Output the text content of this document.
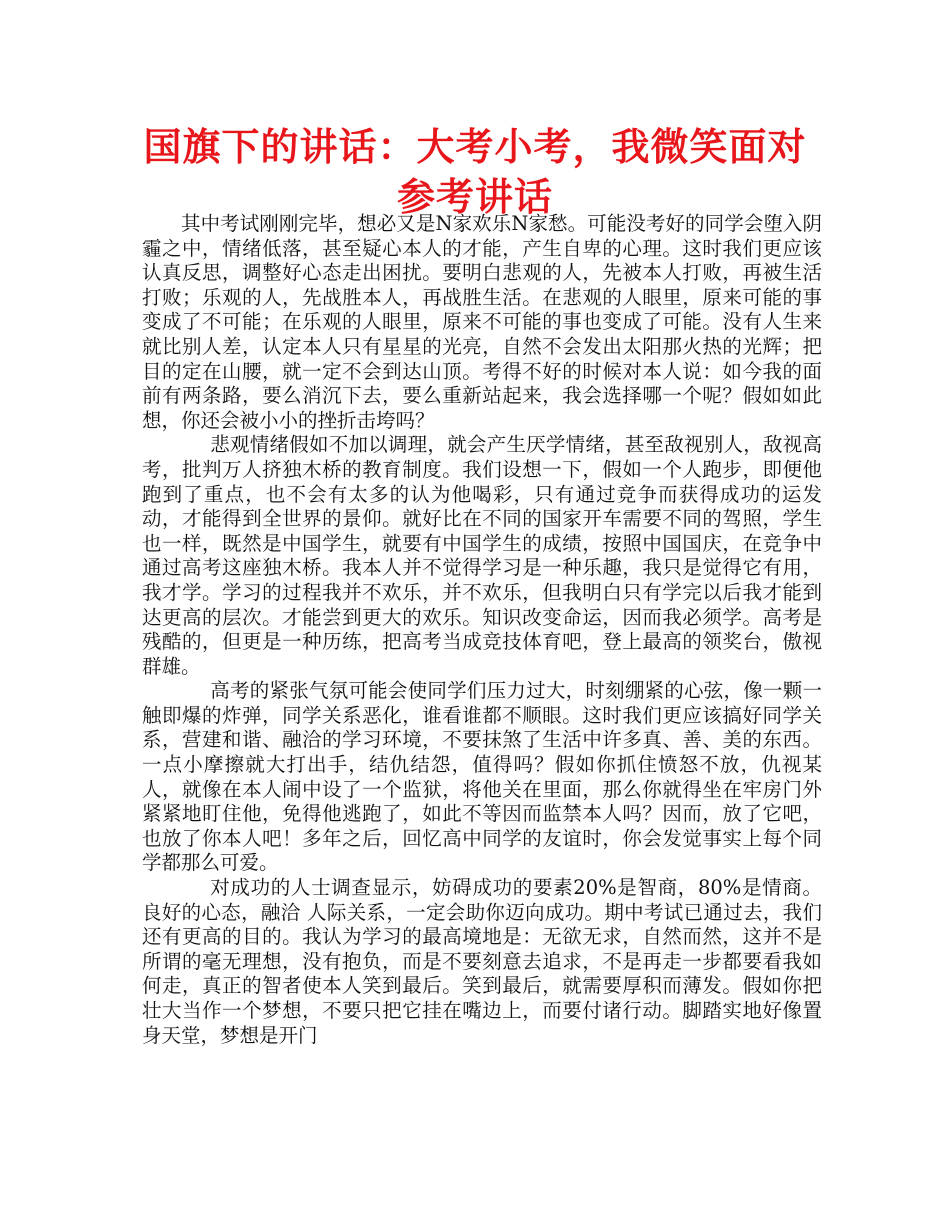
国旗下的讲话：大考小考，我微笑面对参考讲话

其中考试刚刚完毕，想必又是N家欢乐N家愁。可能没考好的同学会堕入阴霾之中，情绪低落，甚至疑心本人的才能，产生自卑的心理。这时我们更应该认真反思，调整好心态走出困扰。要明白悲观的人，先被本人打败，再被生活打败；乐观的人，先战胜本人，再战胜生活。在悲观的人眼里，原来可能的事变成了不可能；在乐观的人眼里，原来不可能的事也变成了可能。没有人生来就比别人差，认定本人只有星星的光亮，自然不会发出太阳那火热的光辉；把目的定在山腰，就一定不会到达山顶。考得不好的时候对本人说：如今我的面前有两条路，要么消沉下去，要么重新站起来，我会选择哪一个呢？假如如此想，你还会被小小的挫折击垮吗？

悲观情绪假如不加以调理，就会产生厌学情绪，甚至敌视别人，敌视高考，批判万人挤独木桥的教育制度。我们设想一下，假如一个人跑步，即便他跑到了重点，也不会有太多的认为他喝彩，只有通过竞争而获得成功的运发动，才能得到全世界的景仰。就好比在不同的国家开车需要不同的驾照，学生也一样，既然是中国学生，就要有中国学生的成绩，按照中国国庆，在竞争中通过高考这座独木桥。我本人并不觉得学习是一种乐趣，我只是觉得它有用，我才学。学习的过程我并不欢乐，并不欢乐，但我明白只有学完以后我才能到达更高的层次。才能尝到更大的欢乐。知识改变命运，因而我必须学。高考是残酷的，但更是一种历练，把高考当成竞技体育吧，登上最高的领奖台，傲视群雄。

高考的紧张气氛可能会使同学们压力过大，时刻绷紧的心弦，像一颗一触即爆的炸弹，同学关系恶化，谁看谁都不顺眼。这时我们更应该搞好同学关系，营建和谐、融洽的学习环境，不要抹煞了生活中许多真、善、美的东西。一点小摩擦就大打出手，结仇结怨，值得吗？假如你抓住愤怒不放，仇视某人，就像在本人闹中设了一个监狱，将他关在里面，那么你就得坐在牢房门外紧紧地盯住他，免得他逃跑了，如此不等因而监禁本人吗？因而，放了它吧，也放了你本人吧！多年之后，回忆高中同学的友谊时，你会发觉事实上每个同学都那么可爱。

对成功的人士调查显示，妨碍成功的要素20%是智商，80%是情商。良好的心态，融洽 人际关系，一定会助你迈向成功。期中考试已通过去，我们还有更高的目的。我认为学习的最高境地是：无欲无求，自然而然，这并不是所谓的毫无理想，没有抱负，而是不要刻意去追求，不是再走一步都要看我如何走，真正的智者使本人笑到最后。笑到最后，就需要厚积而薄发。假如你把壮大当作一个梦想，不要只把它挂在嘴边上，而要付诸行动。脚踏实地好像置身天堂，梦想是开门
